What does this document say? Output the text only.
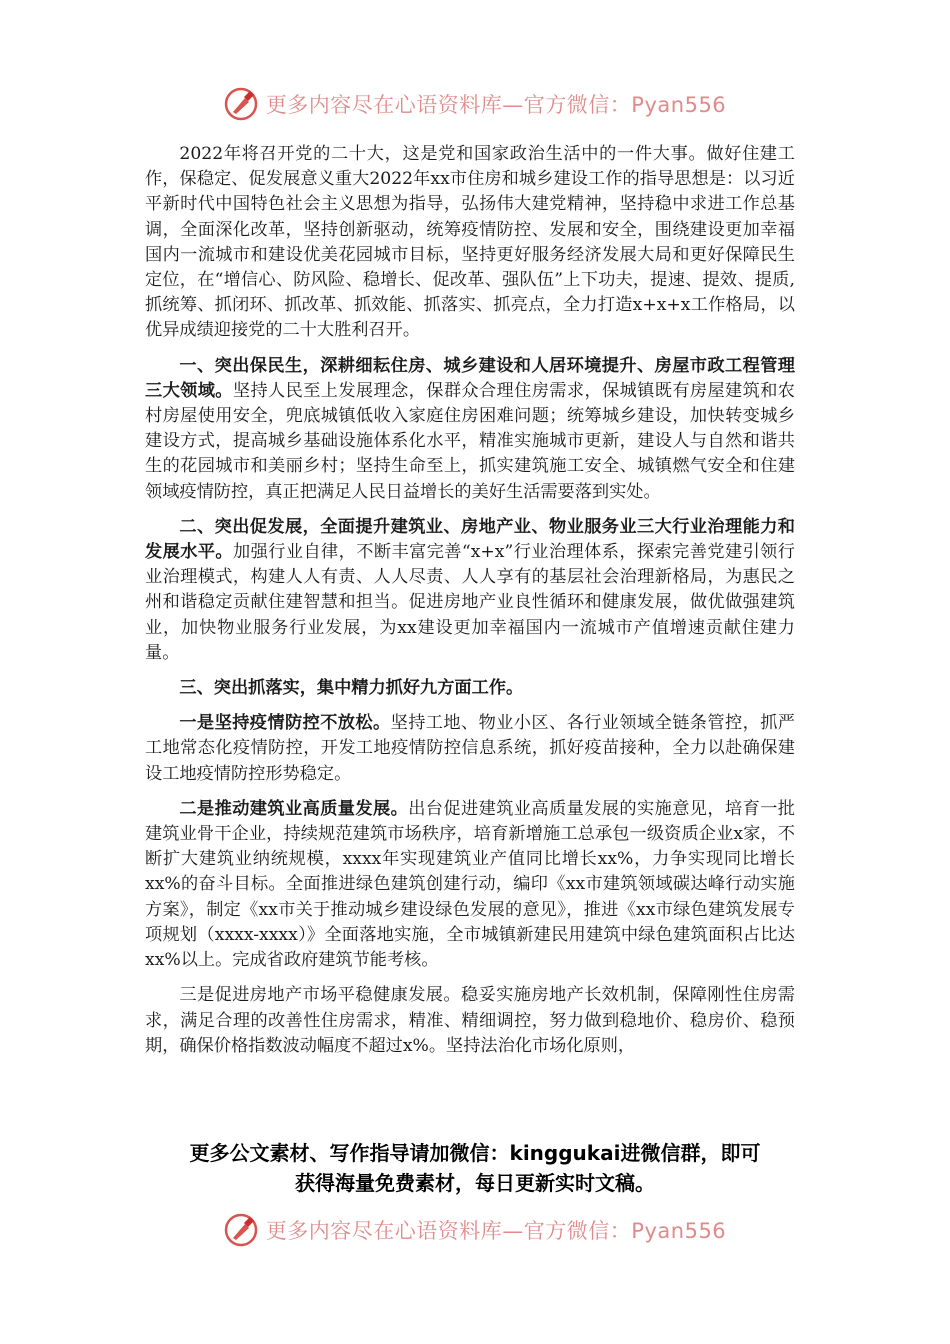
更多内容尽在心语资料库—官方微信：Pyan556

2022年将召开党的二十大，这是党和国家政治生活中的一件大事。做好住建工作，保稳定、促发展意义重大2022年xx市住房和城乡建设工作的指导思想是：以习近平新时代中国特色社会主义思想为指导，弘扬伟大建党精神，坚持稳中求进工作总基调，全面深化改革，坚持创新驱动，统筹疫情防控、发展和安全，围绕建设更加幸福国内一流城市和建设优美花园城市目标，坚持更好服务经济发展大局和更好保障民生定位，在“增信心、防风险、稳增长、促改革、强队伍”上下功夫，提速、提效、提质,抓统筹、抓闭环、抓改革、抓效能、抓落实、抓亮点，全力打造x+x+x工作格局，以优异成绩迎接党的二十大胜利召开。

一、突出保民生，深耕细耘住房、城乡建设和人居环境提升、房屋市政工程管理三大领域。坚持人民至上发展理念，保群众合理住房需求，保城镇既有房屋建筑和农村房屋使用安全，兜底城镇低收入家庭住房困难问题；统筹城乡建设，加快转变城乡建设方式，提高城乡基础设施体系化水平，精准实施城市更新，建设人与自然和谐共生的花园城市和美丽乡村；坚持生命至上，抓实建筑施工安全、城镇燃气安全和住建领域疫情防控，真正把满足人民日益增长的美好生活需要落到实处。

二、突出促发展，全面提升建筑业、房地产业、物业服务业三大行业治理能力和发展水平。加强行业自律，不断丰富完善“x+x”行业治理体系，探索完善党建引领行业治理模式，构建人人有责、人人尽责、人人享有的基层社会治理新格局，为惠民之州和谐稳定贡献住建智慧和担当。促进房地产业良性循环和健康发展，做优做强建筑业，加快物业服务行业发展，为xx建设更加幸福国内一流城市产值增速贡献住建力量。

三、突出抓落实，集中精力抓好九方面工作。

一是坚持疫情防控不放松。坚持工地、物业小区、各行业领域全链条管控，抓严工地常态化疫情防控，开发工地疫情防控信息系统，抓好疫苗接种，全力以赴确保建设工地疫情防控形势稳定。

二是推动建筑业高质量发展。出台促进建筑业高质量发展的实施意见，培育一批建筑业骨干企业，持续规范建筑市场秩序，培育新增施工总承包一级资质企业x家，不断扩大建筑业纳统规模，xxxx年实现建筑业产值同比增长xx%，力争实现同比增长xx%的奋斗目标。全面推进绿色建筑创建行动，编印《xx市建筑领域碳达峰行动实施方案》，制定《xx市关于推动城乡建设绿色发展的意见》，推进《xx市绿色建筑发展专项规划（xxxx-xxxx）》全面落地实施，全市城镇新建民用建筑中绿色建筑面积占比达xx%以上。完成省政府建筑节能考核。

三是促进房地产市场平稳健康发展。稳妥实施房地产长效机制，保障刚性住房需求，满足合理的改善性住房需求，精准、精细调控，努力做到稳地价、稳房价、稳预期，确保价格指数波动幅度不超过x%。坚持法治化市场化原则，

更多公文素材、写作指导请加微信：kinggukai进微信群，即可
获得海量免费素材，每日更新实时文稿。
更多内容尽在心语资料库—官方微信：Pyan556
